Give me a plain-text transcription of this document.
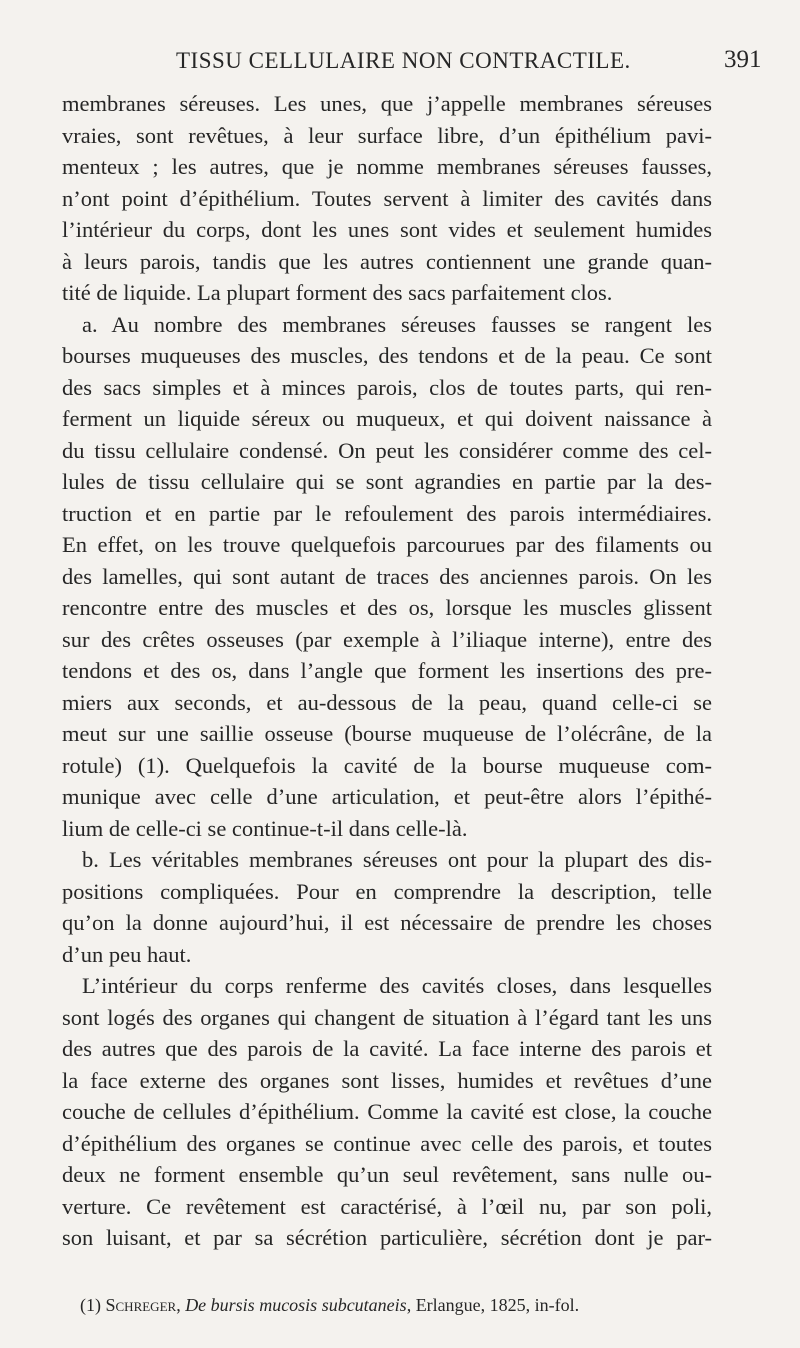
TISSU CELLULAIRE NON CONTRACTILE.	391
membranes séreuses. Les unes, que j’appelle membranes séreuses
vraies, sont revêtues, à leur surface libre, d’un épithélium pavi-
menteux ; les autres, que je nomme membranes séreuses fausses,
n’ont point d’épithélium. Toutes servent à limiter des cavités dans
l’intérieur du corps, dont les unes sont vides et seulement humides
à leurs parois, tandis que les autres contiennent une grande quan-
tité de liquide. La plupart forment des sacs parfaitement clos.
a. Au nombre des membranes séreuses fausses se rangent les
bourses muqueuses des muscles, des tendons et de la peau. Ce sont
des sacs simples et à minces parois, clos de toutes parts, qui ren-
ferment un liquide séreux ou muqueux, et qui doivent naissance à
du tissu cellulaire condensé. On peut les considérer comme des cel-
lules de tissu cellulaire qui se sont agrandies en partie par la des-
truction et en partie par le refoulement des parois intermédiaires.
En effet, on les trouve quelquefois parcourues par des filaments ou
des lamelles, qui sont autant de traces des anciennes parois. On les
rencontre entre des muscles et des os, lorsque les muscles glissent
sur des crêtes osseuses (par exemple à l’iliaque interne), entre des
tendons et des os, dans l’angle que forment les insertions des pre-
miers aux seconds, et au-dessous de la peau, quand celle-ci se
meut sur une saillie osseuse (bourse muqueuse de l’olécrâne, de la
rotule) (1). Quelquefois la cavité de la bourse muqueuse com-
munique avec celle d’une articulation, et peut-être alors l’épithé-
lium de celle-ci se continue-t-il dans celle-là.
b. Les véritables membranes séreuses ont pour la plupart des dis-
positions compliquées. Pour en comprendre la description, telle
qu’on la donne aujourd’hui, il est nécessaire de prendre les choses
d’un peu haut.
L’intérieur du corps renferme des cavités closes, dans lesquelles
sont logés des organes qui changent de situation à l’égard tant les uns
des autres que des parois de la cavité. La face interne des parois et
la face externe des organes sont lisses, humides et revêtues d’une
couche de cellules d’épithélium. Comme la cavité est close, la couche
d’épithélium des organes se continue avec celle des parois, et toutes
deux ne forment ensemble qu’un seul revêtement, sans nulle ou-
verture. Ce revêtement est caractérisé, à l’œil nu, par son poli,
son luisant, et par sa sécrétion particulière, sécrétion dont je par-
(1) Schreger, De bursis mucosis subcutaneis, Erlangue, 1825, in-fol.
